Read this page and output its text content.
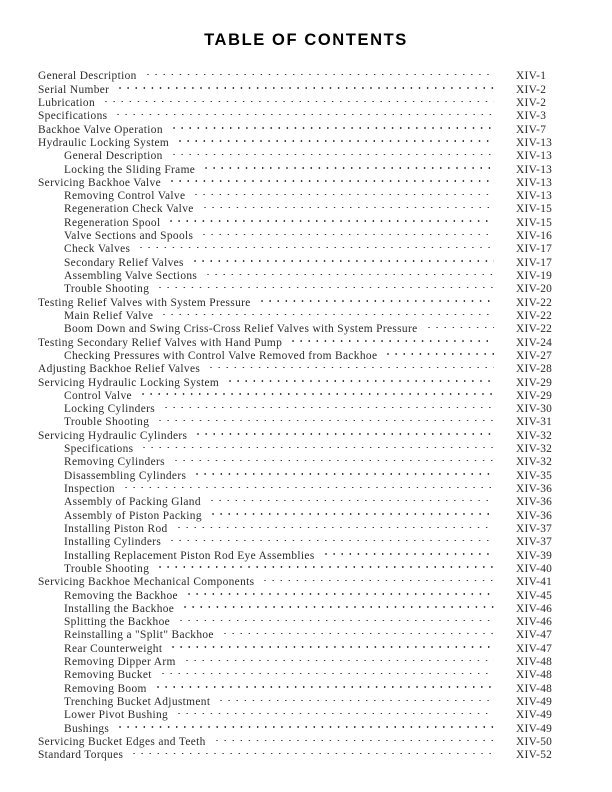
TABLE OF CONTENTS
General Description	XIV-1
Serial Number	XIV-2
Lubrication	XIV-2
Specifications	XIV-3
Backhoe Valve Operation	XIV-7
Hydraulic Locking System	XIV-13
General Description	XIV-13
Locking the Sliding Frame	XIV-13
Servicing Backhoe Valve	XIV-13
Removing Control Valve	XIV-13
Regeneration Check Valve	XIV-15
Regeneration Spool	XIV-15
Valve Sections and Spools	XIV-16
Check Valves	XIV-17
Secondary Relief Valves	XIV-17
Assembling Valve Sections	XIV-19
Trouble Shooting	XIV-20
Testing Relief Valves with System Pressure	XIV-22
Main Relief Valve	XIV-22
Boom Down and Swing Criss-Cross Relief Valves with System Pressure	XIV-22
Testing Secondary Relief Valves with Hand Pump	XIV-24
Checking Pressures with Control Valve Removed from Backhoe	XIV-27
Adjusting Backhoe Relief Valves	XIV-28
Servicing Hydraulic Locking System	XIV-29
Control Valve	XIV-29
Locking Cylinders	XIV-30
Trouble Shooting	XIV-31
Servicing Hydraulic Cylinders	XIV-32
Specifications	XIV-32
Removing Cylinders	XIV-32
Disassembling Cylinders	XIV-35
Inspection	XIV-36
Assembly of Packing Gland	XIV-36
Assembly of Piston Packing	XIV-36
Installing Piston Rod	XIV-37
Installing Cylinders	XIV-37
Installing Replacement Piston Rod Eye Assemblies	XIV-39
Trouble Shooting	XIV-40
Servicing Backhoe Mechanical Components	XIV-41
Removing the Backhoe	XIV-45
Installing the Backhoe	XIV-46
Splitting the Backhoe	XIV-46
Reinstalling a "Split" Backhoe	XIV-47
Rear Counterweight	XIV-47
Removing Dipper Arm	XIV-48
Removing Bucket	XIV-48
Removing Boom	XIV-48
Trenching Bucket Adjustment	XIV-49
Lower Pivot Bushing	XIV-49
Bushings	XIV-49
Servicing Bucket Edges and Teeth	XIV-50
Standard Torques	XIV-52
